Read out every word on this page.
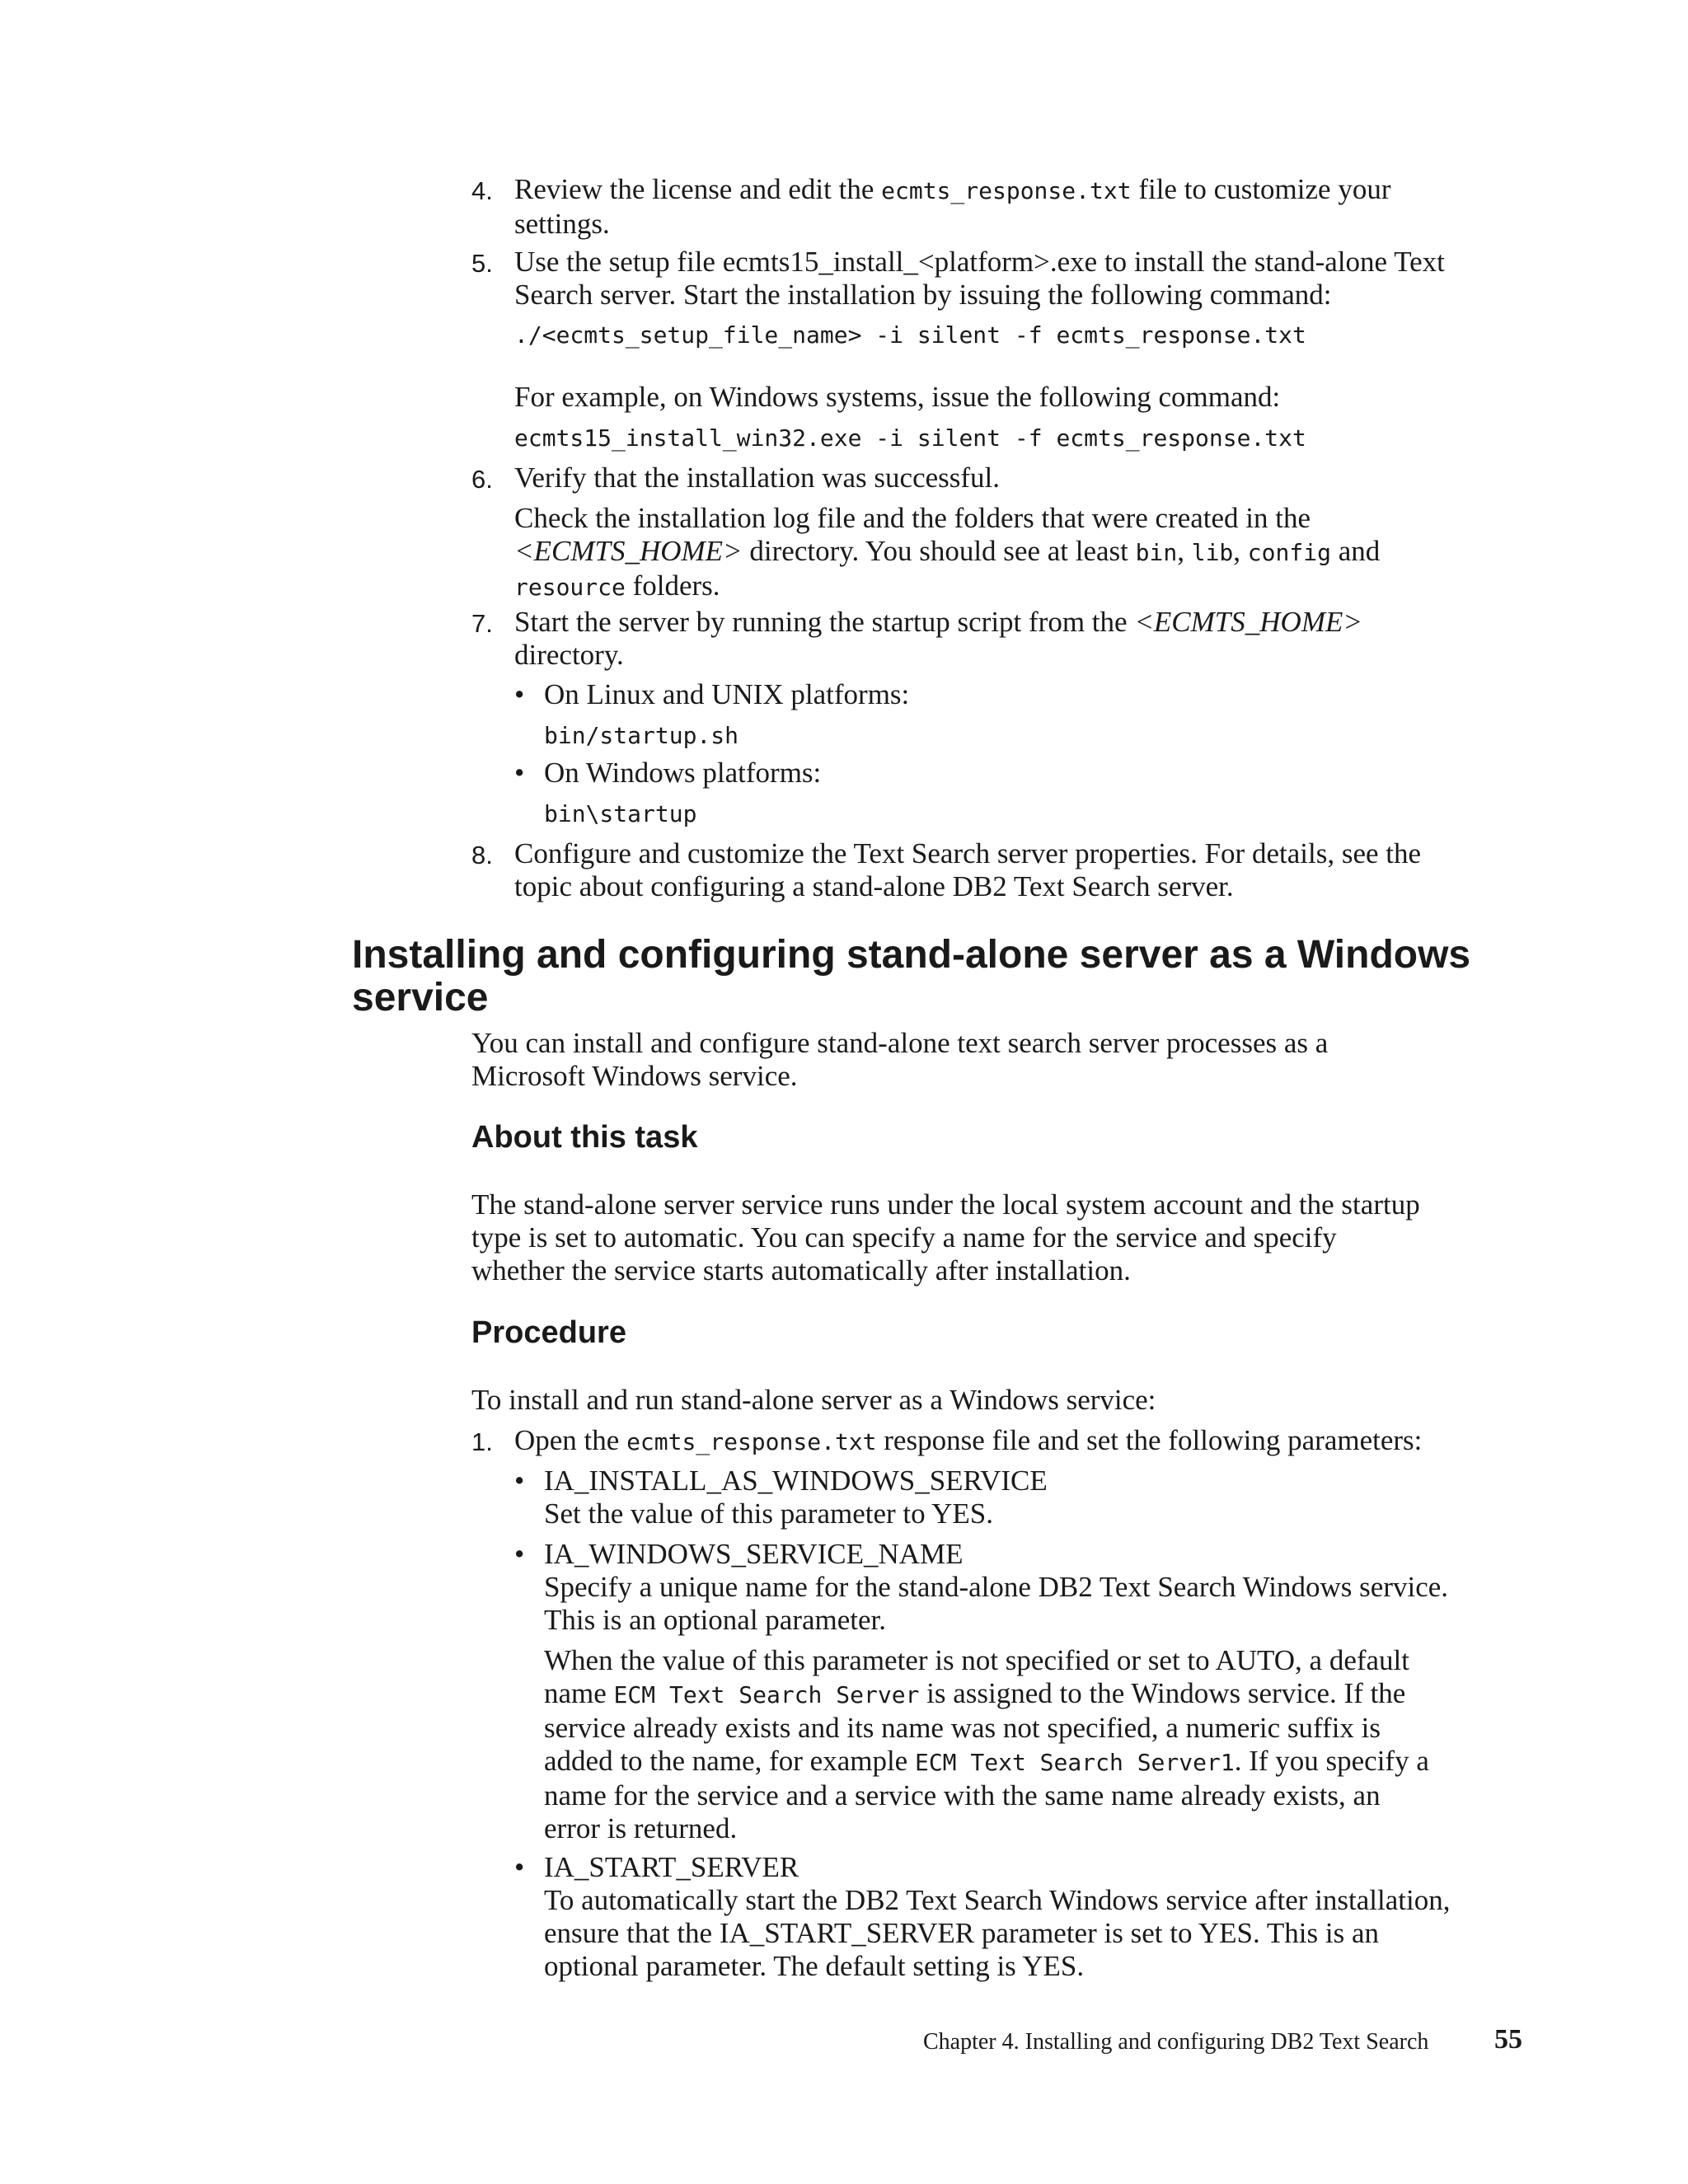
4. Review the license and edit the ecmts_response.txt file to customize your
settings.
5. Use the setup file ecmts15_install_<platform>.exe to install the stand-alone Text
Search server. Start the installation by issuing the following command:
./<ecmts_setup_file_name> -i silent -f ecmts_response.txt
For example, on Windows systems, issue the following command:
ecmts15_install_win32.exe -i silent -f ecmts_response.txt
6. Verify that the installation was successful.
Check the installation log file and the folders that were created in the
<ECMTS_HOME> directory. You should see at least bin, lib, config and
resource folders.
7. Start the server by running the startup script from the <ECMTS_HOME>
directory.
• On Linux and UNIX platforms:
bin/startup.sh
• On Windows platforms:
bin\startup
8. Configure and customize the Text Search server properties. For details, see the
topic about configuring a stand-alone DB2 Text Search server.
Installing and configuring stand-alone server as a Windows
service
You can install and configure stand-alone text search server processes as a
Microsoft Windows service.
About this task
The stand-alone server service runs under the local system account and the startup
type is set to automatic. You can specify a name for the service and specify
whether the service starts automatically after installation.
Procedure
To install and run stand-alone server as a Windows service:
1. Open the ecmts_response.txt response file and set the following parameters:
• IA_INSTALL_AS_WINDOWS_SERVICE
Set the value of this parameter to YES.
• IA_WINDOWS_SERVICE_NAME
Specify a unique name for the stand-alone DB2 Text Search Windows service.
This is an optional parameter.
When the value of this parameter is not specified or set to AUTO, a default
name ECM Text Search Server is assigned to the Windows service. If the
service already exists and its name was not specified, a numeric suffix is
added to the name, for example ECM Text Search Server1. If you specify a
name for the service and a service with the same name already exists, an
error is returned.
• IA_START_SERVER
To automatically start the DB2 Text Search Windows service after installation,
ensure that the IA_START_SERVER parameter is set to YES. This is an
optional parameter. The default setting is YES.
Chapter 4. Installing and configuring DB2 Text Search 55
